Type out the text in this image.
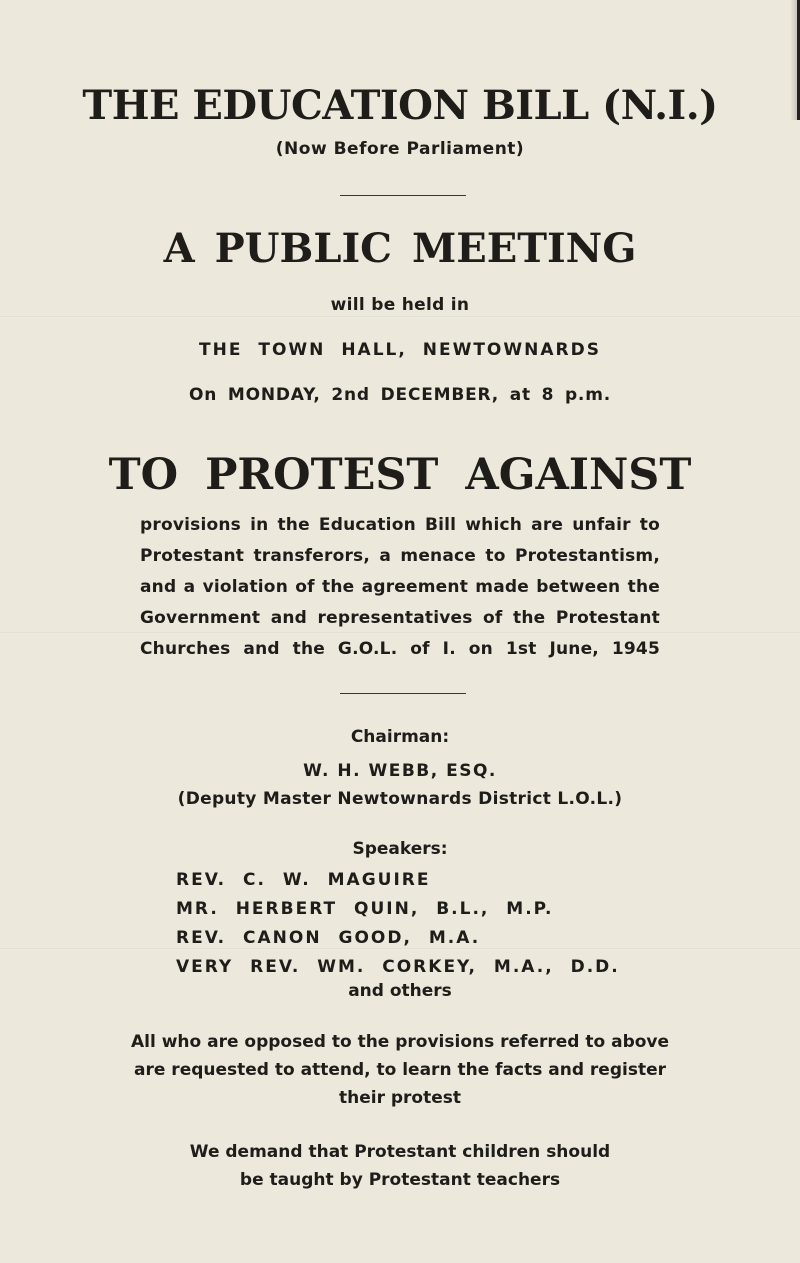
THE EDUCATION BILL (N.I.)

(Now Before Parliament)

A PUBLIC MEETING

will be held in

THE TOWN HALL, NEWTOWNARDS

On MONDAY, 2nd DECEMBER, at 8 p.m.

TO PROTEST AGAINST
provisions in the Education Bill which are unfair to
Protestant transferors, a menace to Protestantism,
and a violation of the agreement made between the
Government and representatives of the Protestant
Churches and the G.O.L. of I. on 1st June, 1945

Chairman:

W. H. WEBB, ESQ.

(Deputy Master Newtownards District L.O.L.)

Speakers:

REV. C. W. MAGUIRE
MR. HERBERT QUIN, B.L., M.P.
REV. CANON GOOD, M.A.
VERY REV. WM. CORKEY, M.A., D.D.

and others

All who are opposed to the provisions referred to above
are requested to attend, to learn the facts and register
their protest

We demand that Protestant children should
be taught by Protestant teachers
